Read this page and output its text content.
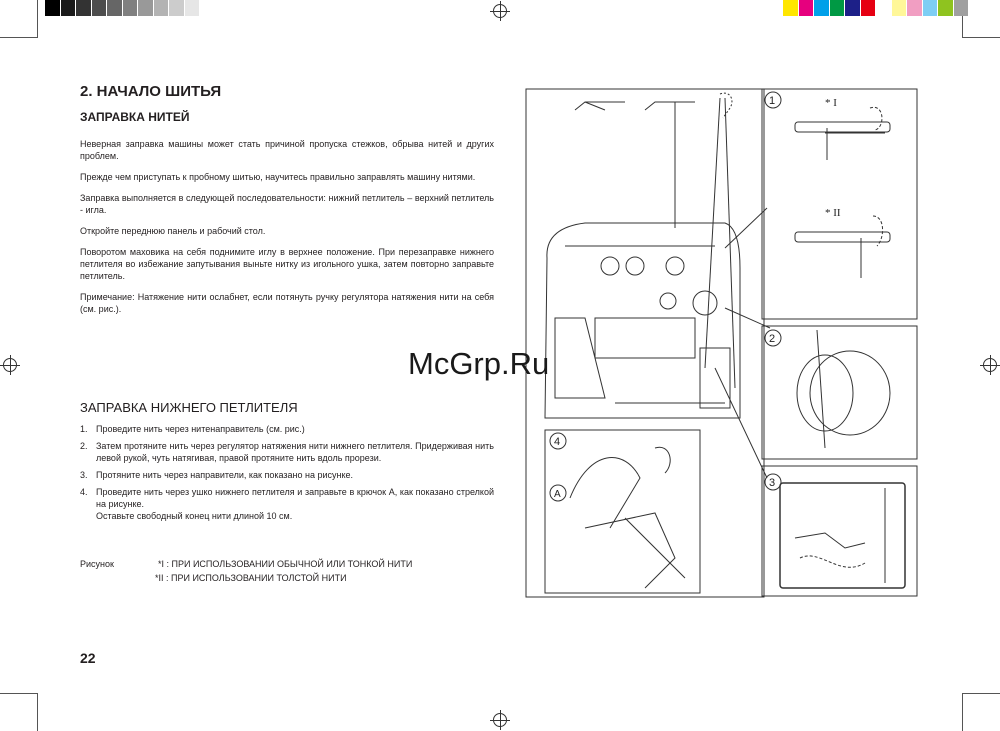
2. НАЧАЛО ШИТЬЯ
ЗАПРАВКА НИТЕЙ

Неверная заправка машины может стать причиной пропуска стежков, обрыва нитей и других проблем.

Прежде чем приступать к пробному шитью, научитесь правильно заправлять машину нитями.

Заправка выполняется в следующей последовательности: нижний петлитель – верхний петлитель - игла.

Откройте переднюю панель и рабочий стол.

Поворотом маховика на себя поднимите иглу в верхнее положение. При перезаправке нижнего петлителя во избежание запутывания выньте нитку из игольного ушка, затем повторно заправьте петлитель.

Примечание: Натяжение нити ослабнет, если потянуть ручку регулятора натяжения нити на себя (см. рис.).

ЗАПРАВКА НИЖНЕГО ПЕТЛИТЕЛЯ
1. Проведите нить через нитенаправитель (см. рис.)
2. Затем протяните нить через регулятор натяжения нити нижнего петлителя. Придерживая нить левой рукой, чуть натягивая, правой протяните нить вдоль прорези.
3. Протяните нить через направители, как показано на рисунке.
4. Проведите нить через ушко нижнего петлителя и заправьте в крючок А, как показано стрелкой на рисунке.
Оставьте свободный конец нити длиной 10 см.
Рисунок	*I : ПРИ ИСПОЛЬЗОВАНИИ ОБЫЧНОЙ ИЛИ ТОНКОЙ НИТИ
*II : ПРИ ИСПОЛЬЗОВАНИИ ТОЛСТОЙ НИТИ
22
1	* I
* II
2
3
4
A
McGrp.Ru
